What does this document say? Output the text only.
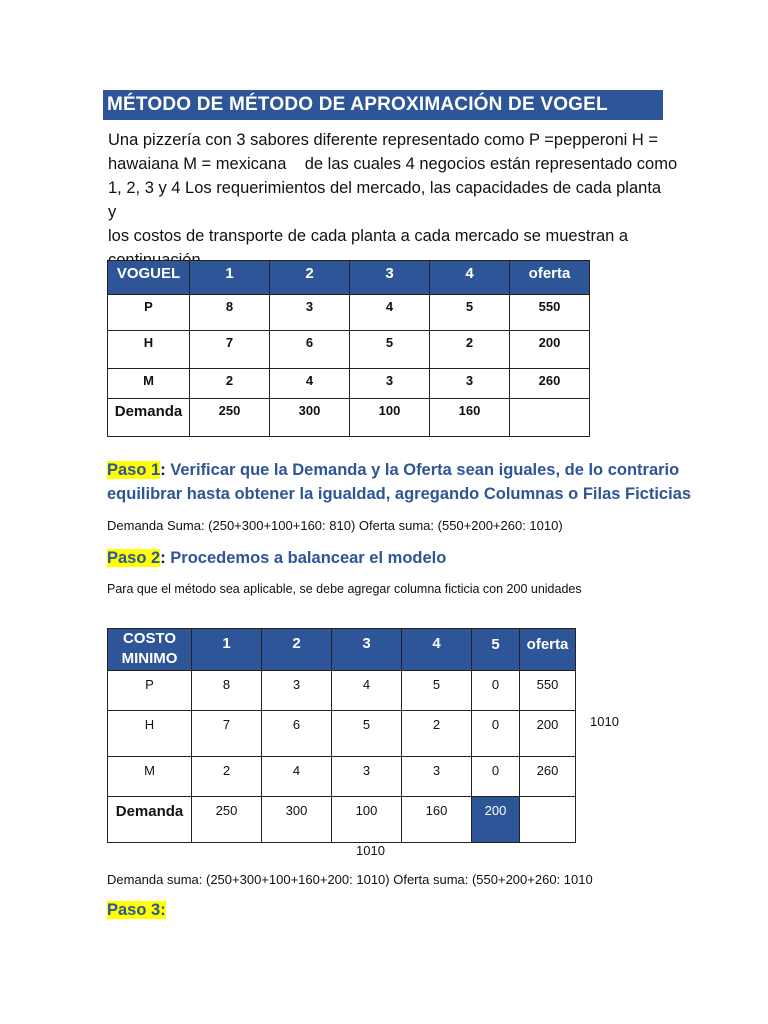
MÉTODO DE MÉTODO DE APROXIMACIÓN DE VOGEL
Una pizzería con 3 sabores diferente representado como P =pepperoni H =
hawaiana M = mexicana    de las cuales 4 negocios están representado como
1, 2, 3 y 4 Los requerimientos del mercado, las capacidades de cada planta y
los costos de transporte de cada planta a cada mercado se muestran a
VOGUEL	1	2	3	4	oferta
P	8	3	4	5	550
H	7	6	5	2	200
M	2	4	3	3	260
Demanda	250	300	100	160	
Paso 1: Verificar que la Demanda y la Oferta sean iguales, de lo contrario
equilibrar hasta obtener la igualdad, agregando Columnas o Filas Ficticias
Demanda Suma: (250+300+100+160: 810) Oferta suma: (550+200+260: 1010)
Paso 2: Procedemos a balancear el modelo
Para que el método sea aplicable, se debe agregar columna ficticia con 200 unidades
COSTO
MINIMO	1	2	3	4	5	oferta
P	8	3	4	5	0	550
H	7	6	5	2	0	200
M	2	4	3	3	0	260
Demanda	250	300	100	160	200	
1010
1010
Demanda suma: (250+300+100+160+200: 1010) Oferta suma: (550+200+260: 1010
Paso 3:
